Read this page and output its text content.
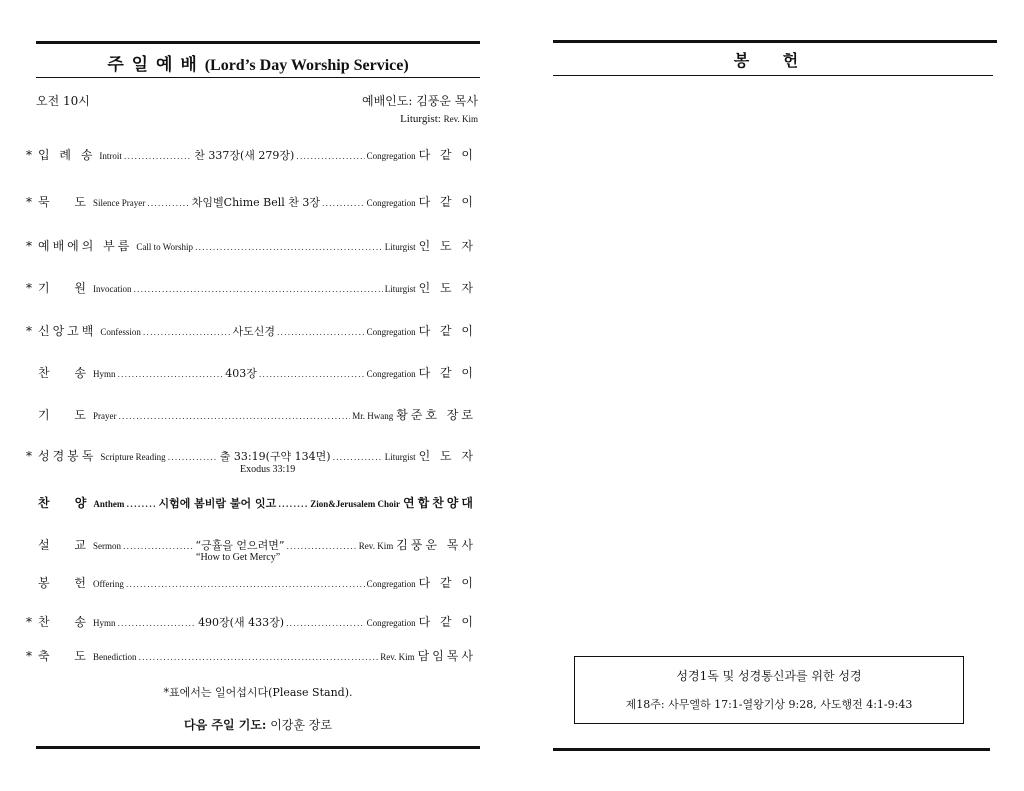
주 일 예 배 (Lord’s Day Worship Service)
오전 10시	예배인도: 김풍운 목사
Liturgist: Rev. Kim
* 입 례 송 Introit .....	찬 337장(새 279장) .....	Congregation 다 같 이
* 묵　 도 Silence Prayer .....	차임벨Chime Bell 찬 3장 .....	Congregation 다 같 이
* 예배에의 부름 Call to Worship .....	Liturgist 인 도 자
* 기　 원 Invocation .....	Liturgist 인 도 자
* 신앙고백 Confession .....	사도신경 .....	Congregation 다 같 이
찬　 송 Hymn .....	403장 .....	Congregation 다 같 이
기　 도 Prayer .....	Mr. Hwang 황준호 장로
* 성경봉독 Scripture Reading .....	출 33:19(구약 134면) .....	Liturgist 인 도 자
찬　 양 Anthem .....	시험에 봄비람 불어 잇고 .....	Zion&Jerusalem Choir 연합찬양대
설　 교 Sermon .....	“긍휼을 얻으려면” .....	Rev. Kim 김풍운 목사
봉　 헌 Offering .....	Congregation 다 같 이
* 찬　 송 Hymn .....	490장(새 433장) .....	Congregation 다 같 이
* 축　 도 Benediction .....	Rev. Kim 담임목사
Exodus 33:19
“How to Get Mercy”
*표에서는 일어섭시다(Please Stand).
다음 주일 기도: 이강훈 장로
봉 헌
성경1독 및 성경통신과를 위한 성경
제18주: 사무엘하 17:1-열왕기상 9:28, 사도행전 4:1-9:43
